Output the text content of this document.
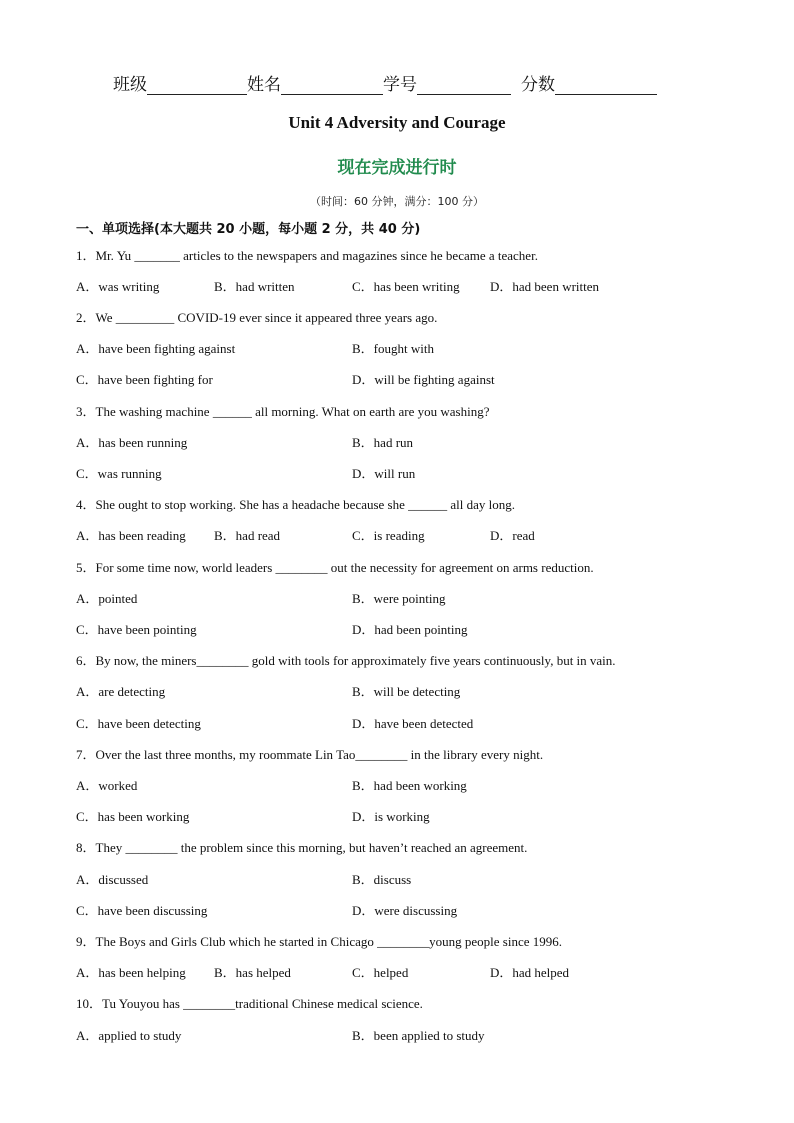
班级	姓名	学号	分数
Unit 4 Adversity and Courage
现在完成进行时
（时间：60 分钟，满分：100 分）
一、单项选择(本大题共 20 小题，每小题 2 分，共 40 分)
1．Mr. Yu _______ articles to the newspapers and magazines since he became a teacher.
A．was writing	B．had written	C．has been writing D．had been written
2．We _________ COVID-19 ever since it appeared three years ago.
A．have been fighting against	B．fought with
C．have been fighting for	D．will be fighting against
3．The washing machine ______ all morning. What on earth are you washing?
A．has been running	B．had run
C．was running	D．will run
4．She ought to stop working. She has a headache because she ______ all day long.
A．has been reading B．had read	C．is reading	D．read
5．For some time now, world leaders ________ out the necessity for agreement on arms reduction.
A．pointed	B．were pointing
C．have been pointing	D．had been pointing
6．By now, the miners________ gold with tools for approximately five years continuously, but in vain.
A．are detecting	B．will be detecting
C．have been detecting	D．have been detected
7．Over the last three months, my roommate Lin Tao________ in the library every night.
A．worked	B．had been working
C．has been working	D．is working
8．They ________ the problem since this morning, but haven’t reached an agreement.
A．discussed	B．discuss
C．have been discussing	D．were discussing
9．The Boys and Girls Club which he started in Chicago ________young people since 1996.
A．has been helping B．has helped	C．helped	D．had helped
10．Tu Youyou has ________traditional Chinese medical science.
A．applied to study	B．been applied to study
